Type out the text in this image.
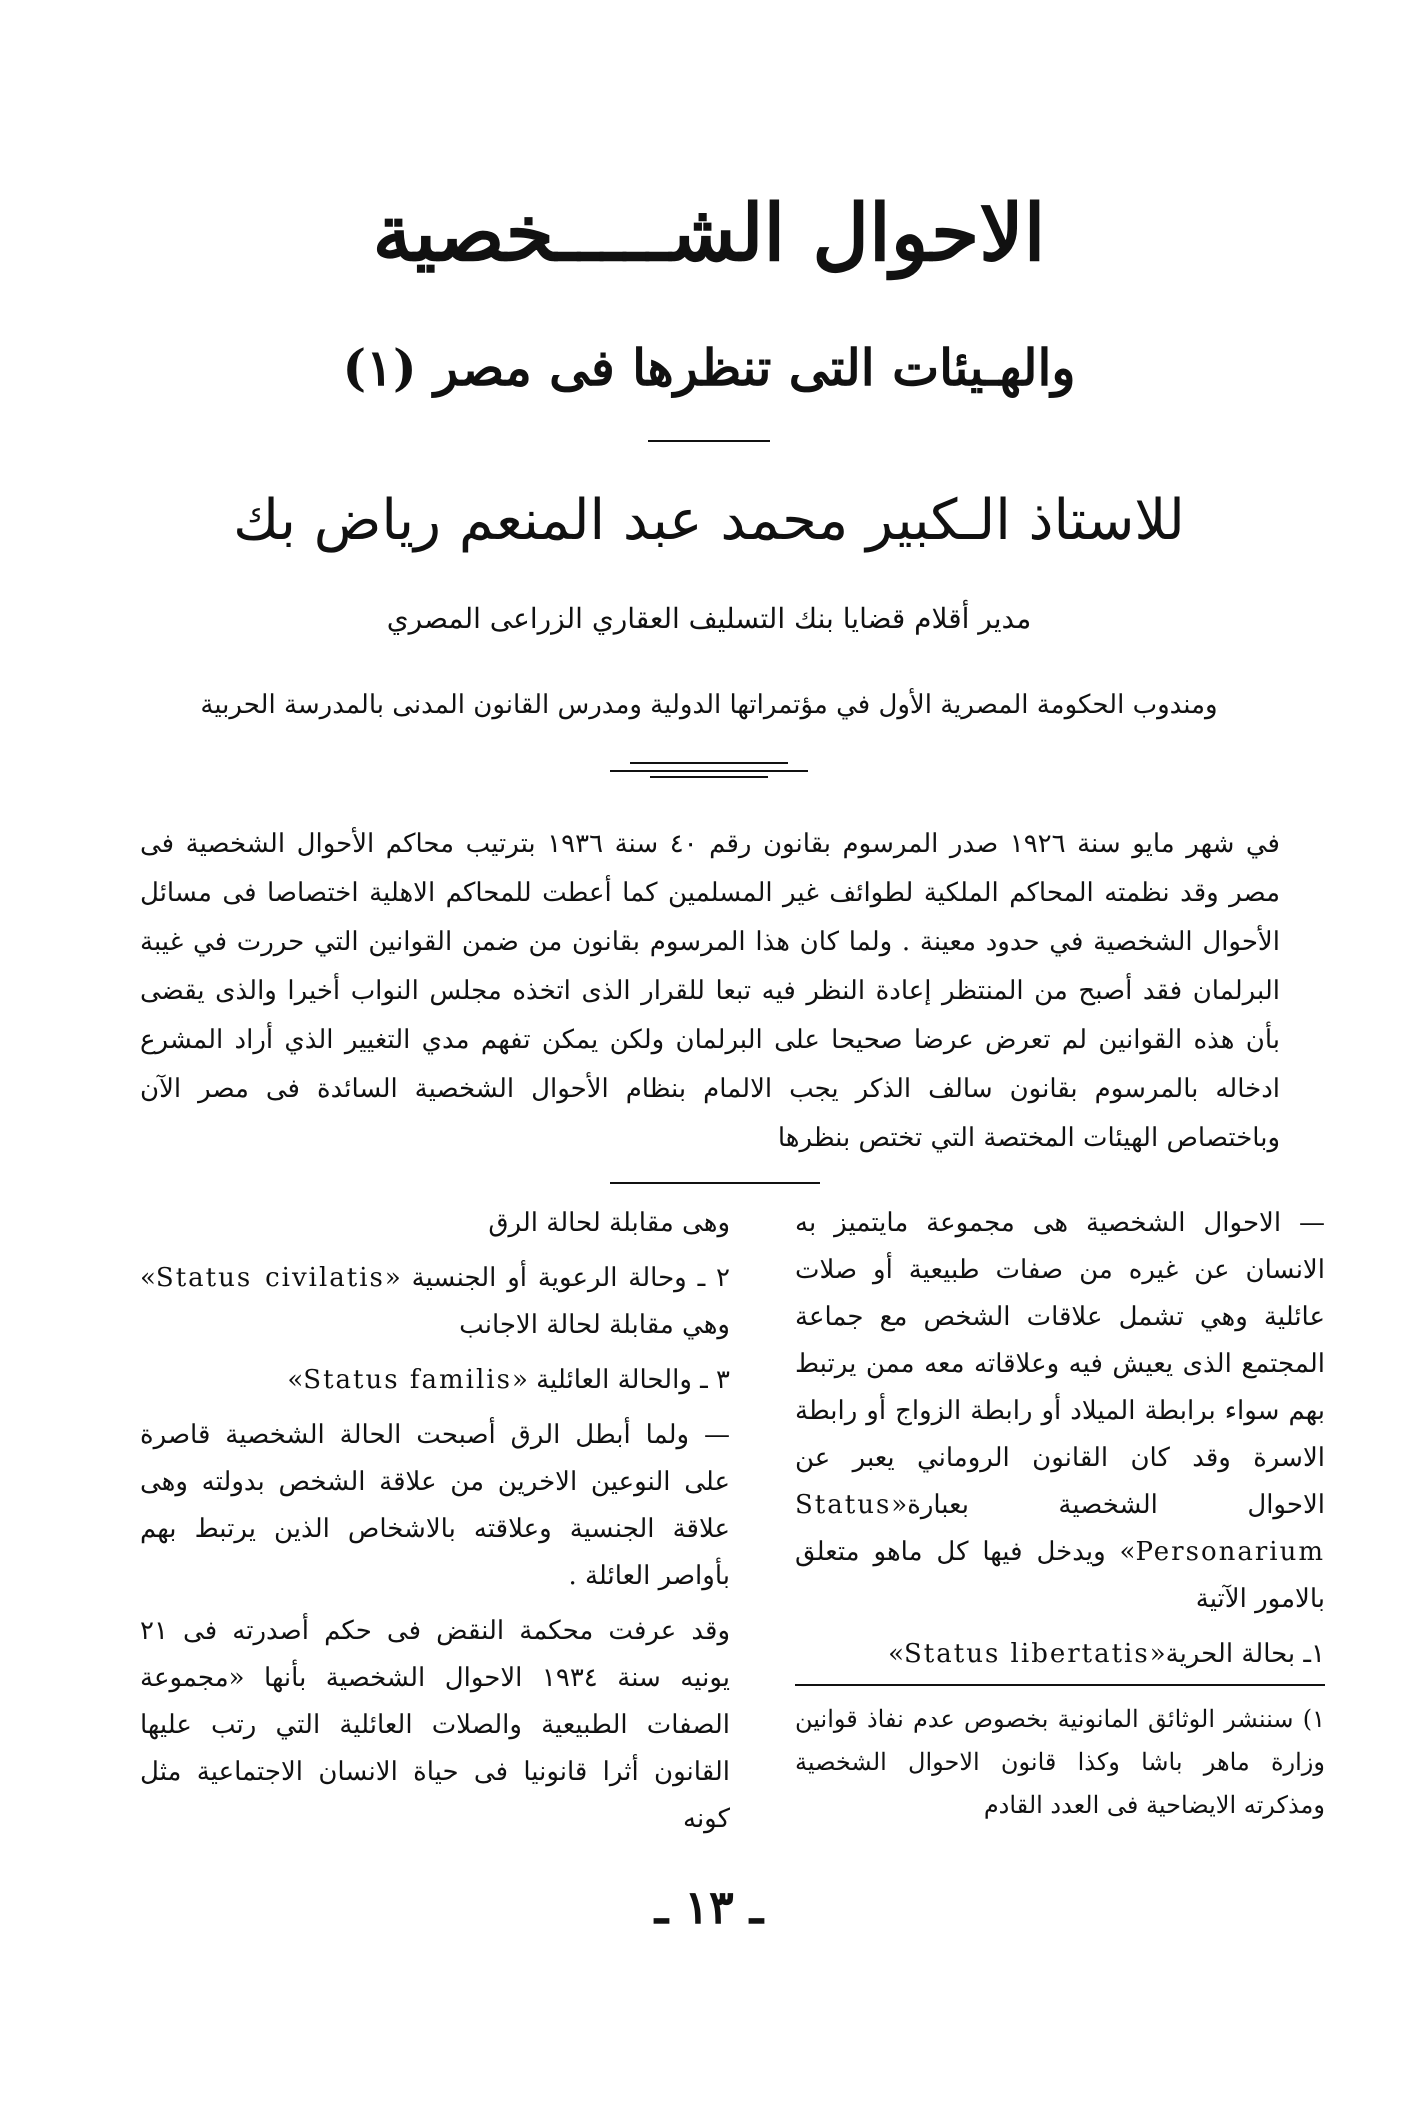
الاحوال الشـــــخصية
والهـيئات التى تنظرها فى مصر (١)
للاستاذ الـكبير محمد عبد المنعم رياض بك
مدير أقلام قضايا بنك التسليف العقاري الزراعى المصري
ومندوب الحكومة المصرية الأول في مؤتمراتها الدولية ومدرس القانون المدنى بالمدرسة الحربية
في شهر مايو سنة ١٩٢٦ صدر المرسوم بقانون رقم ٤٠ سنة ١٩٣٦ بترتيب محاكم الأحوال الشخصية فى مصر وقد نظمته المحاكم الملكية لطوائف غير المسلمين كما أعطت للمحاكم الاهلية اختصاصا فى مسائل الأحوال الشخصية في حدود معينة . ولما كان هذا المرسوم بقانون من ضمن القوانين التي حررت في غيبة البرلمان فقد أصبح من المنتظر إعادة النظر فيه تبعا للقرار الذى اتخذه مجلس النواب أخيرا والذى يقضى بأن هذه القوانين لم تعرض عرضا صحيحا على البرلمان ولكن يمكن تفهم مدي التغيير الذي أراد المشرع ادخاله بالمرسوم بقانون سالف الذكر يجب الالمام بنظام الأحوال الشخصية السائدة فى مصر الآن وباختصاص الهيئات المختصة التي تختص بنظرها

— الاحوال الشخصية هى مجموعة مايتميز به الانسان عن غيره من صفات طبيعية أو صلات عائلية وهي تشمل علاقات الشخص مع جماعة المجتمع الذى يعيش فيه وعلاقاته معه ممن يرتبط بهم سواء برابطة الميلاد أو رابطة الزواج أو رابطة الاسرة وقد كان القانون الروماني يعبر عن الاحوال الشخصية بعبارة«Status Personarium» ويدخل فيها كل ماهو متعلق بالامور الآتية

١ـ بحالة الحرية«Status libertatis»

وهى مقابلة لحالة الرق

٢ ـ وحالة الرعوية أو الجنسية «Status civilatis» وهي مقابلة لحالة الاجانب

٣ ـ والحالة العائلية «Status familis»

— ولما أبطل الرق أصبحت الحالة الشخصية قاصرة على النوعين الاخرين من علاقة الشخص بدولته وهى علاقة الجنسية وعلاقته بالاشخاص الذين يرتبط بهم بأواصر العائلة .

وقد عرفت محكمة النقض فى حكم أصدرته فى ٢١ يونيه سنة ١٩٣٤ الاحوال الشخصية بأنها «مجموعة الصفات الطبيعية والصلات العائلية التي رتب عليها القانون أثرا قانونيا فى حياة الانسان الاجتماعية مثل كونه

١) سننشر الوثائق المانونية بخصوص عدم نفاذ قوانين وزارة ماهر باشا وكذا قانون الاحوال الشخصية ومذكرته الايضاحية فى العدد القادم
ـ ١٣ ـ
